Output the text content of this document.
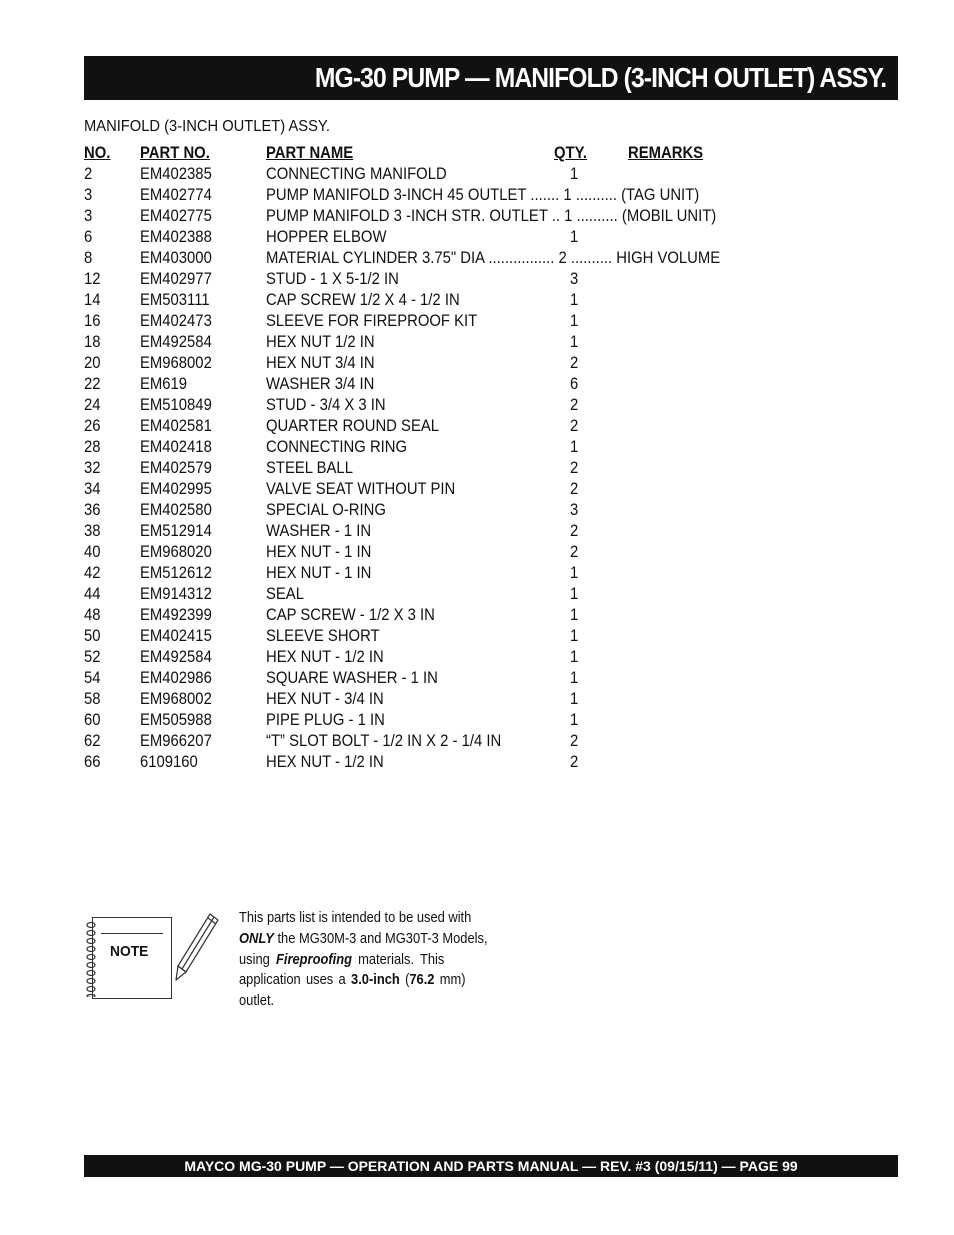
MG-30 PUMP — MANIFOLD (3-INCH OUTLET) ASSY.
MANIFOLD (3-INCH OUTLET) ASSY.
NO. PART NO.	PART NAME	QTY. REMARKS
2	EM402385	CONNECTING MANIFOLD	1
3	EM402774	PUMP MANIFOLD 3-INCH 45 OUTLET ....... 1 .......... (TAG UNIT)
3	EM402775	PUMP MANIFOLD 3 -INCH STR. OUTLET .. 1 .......... (MOBIL UNIT)
6	EM402388	HOPPER ELBOW	1
8	EM403000	MATERIAL CYLINDER 3.75" DIA ................ 2 .......... HIGH VOLUME
12 EM402977	STUD - 1 X 5-1/2 IN	3
14 EM503111	CAP SCREW 1/2 X 4 - 1/2 IN	1
16 EM402473	SLEEVE FOR FIREPROOF KIT	1
18 EM492584	HEX NUT 1/2 IN	1
20 EM968002	HEX NUT 3/4 IN	2
22 EM619	WASHER 3/4 IN	6
24 EM510849	STUD - 3/4 X 3 IN	2
26 EM402581	QUARTER ROUND SEAL	2
28 EM402418	CONNECTING RING	1
32 EM402579	STEEL BALL	2
34 EM402995	VALVE SEAT WITHOUT PIN	2
36 EM402580	SPECIAL O-RING	3
38 EM512914	WASHER - 1 IN	2
40 EM968020	HEX NUT - 1 IN	2
42 EM512612	HEX NUT - 1 IN	1
44 EM914312	SEAL	1
48 EM492399	CAP SCREW - 1/2 X 3 IN	1
50 EM402415	SLEEVE SHORT	1
52 EM492584	HEX NUT - 1/2 IN	1
54 EM402986	SQUARE WASHER - 1 IN	1
58 EM968002	HEX NUT - 3/4 IN	1
60 EM505988	PIPE PLUG - 1 IN	1
62 EM966207	“T” SLOT BOLT - 1/2 IN X 2 - 1/4 IN	2
66 6109160	HEX NUT - 1/2 IN	2
NOTE
This parts list is intended to be used with
ONLY the MG30M-3 and MG30T-3 Models,
using Fireproofing materials. This
application uses a 3.0-inch (76.2 mm)
outlet.
MAYCO MG-30 PUMP — OPERATION AND PARTS MANUAL — REV. #3 (09/15/11) — PAGE 99
